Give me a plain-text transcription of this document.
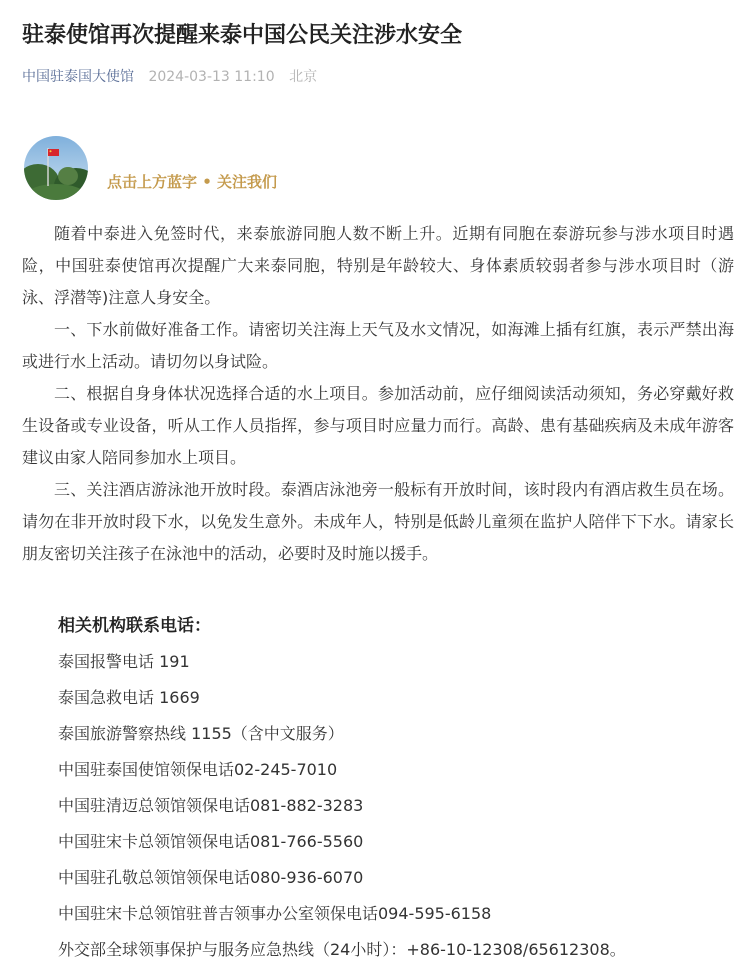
驻泰使馆再次提醒来泰中国公民关注涉水安全
中国驻泰国大使馆 2024-03-13 11:10 北京
点击上方蓝字 • 关注我们

随着中泰进入免签时代，来泰旅游同胞人数不断上升。近期有同胞在泰游玩参与涉水项目时遇险，中国驻泰使馆再次提醒广大来泰同胞，特别是年龄较大、身体素质较弱者参与涉水项目时（游泳、浮潜等)注意人身安全。

一、下水前做好准备工作。请密切关注海上天气及水文情况，如海滩上插有红旗，表示严禁出海或进行水上活动。请切勿以身试险。

二、根据自身身体状况选择合适的水上项目。参加活动前，应仔细阅读活动须知，务必穿戴好救生设备或专业设备，听从工作人员指挥，参与项目时应量力而行。高龄、患有基础疾病及未成年游客建议由家人陪同参加水上项目。

三、关注酒店游泳池开放时段。泰酒店泳池旁一般标有开放时间，该时段内有酒店救生员在场。请勿在非开放时段下水，以免发生意外。未成年人，特别是低龄儿童须在监护人陪伴下下水。请家长朋友密切关注孩子在泳池中的活动，必要时及时施以援手。

相关机构联系电话：
泰国报警电话 191
泰国急救电话 1669
泰国旅游警察热线 1155（含中文服务）
中国驻泰国使馆领保电话02-245-7010
中国驻清迈总领馆领保电话081-882-3283
中国驻宋卡总领馆领保电话081-766-5560
中国驻孔敬总领馆领保电话080-936-6070
中国驻宋卡总领馆驻普吉领事办公室领保电话094-595-6158
外交部全球领事保护与服务应急热线（24小时）：+86-10-12308/65612308。
